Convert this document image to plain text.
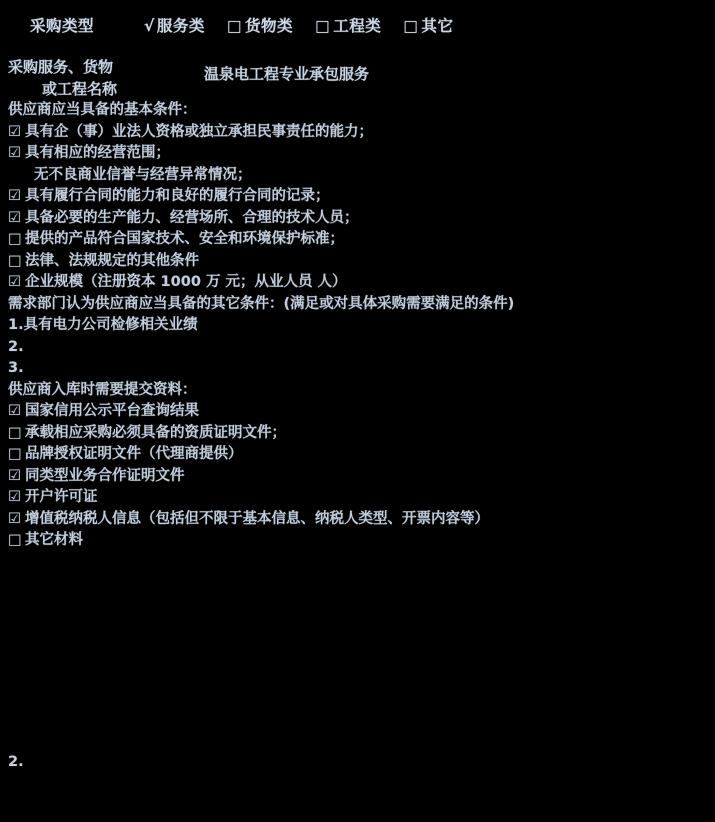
采购类型	√ 服务类 □ 货物类 □ 工程类 □ 其它
采购服务、货物
或工程名称
温泉电工程专业承包服务
供应商应当具备的基本条件：
☑ 具有企（事）业法人资格或独立承担民事责任的能力；
☑ 具有相应的经营范围；
无不良商业信誉与经营异常情况；
☑ 具有履行合同的能力和良好的履行合同的记录；
☑ 具备必要的生产能力、经营场所、合理的技术人员；
□ 提供的产品符合国家技术、安全和环境保护标准；
□ 法律、法规规定的其他条件
☑ 企业规模（注册资本 1000 万 元；从业人员 人）
需求部门认为供应商应当具备的其它条件：(满足或对具体采购需要满足的条件)
1.具有电力公司检修相关业绩
2.
3.
供应商入库时需要提交资料：
☑ 国家信用公示平台查询结果
□ 承载相应采购必须具备的资质证明文件；
□ 品牌授权证明文件（代理商提供）
☑ 同类型业务合作证明文件
☑ 开户许可证
☑ 增值税纳税人信息（包括但不限于基本信息、纳税人类型、开票内容等）
□ 其它材料
2.
